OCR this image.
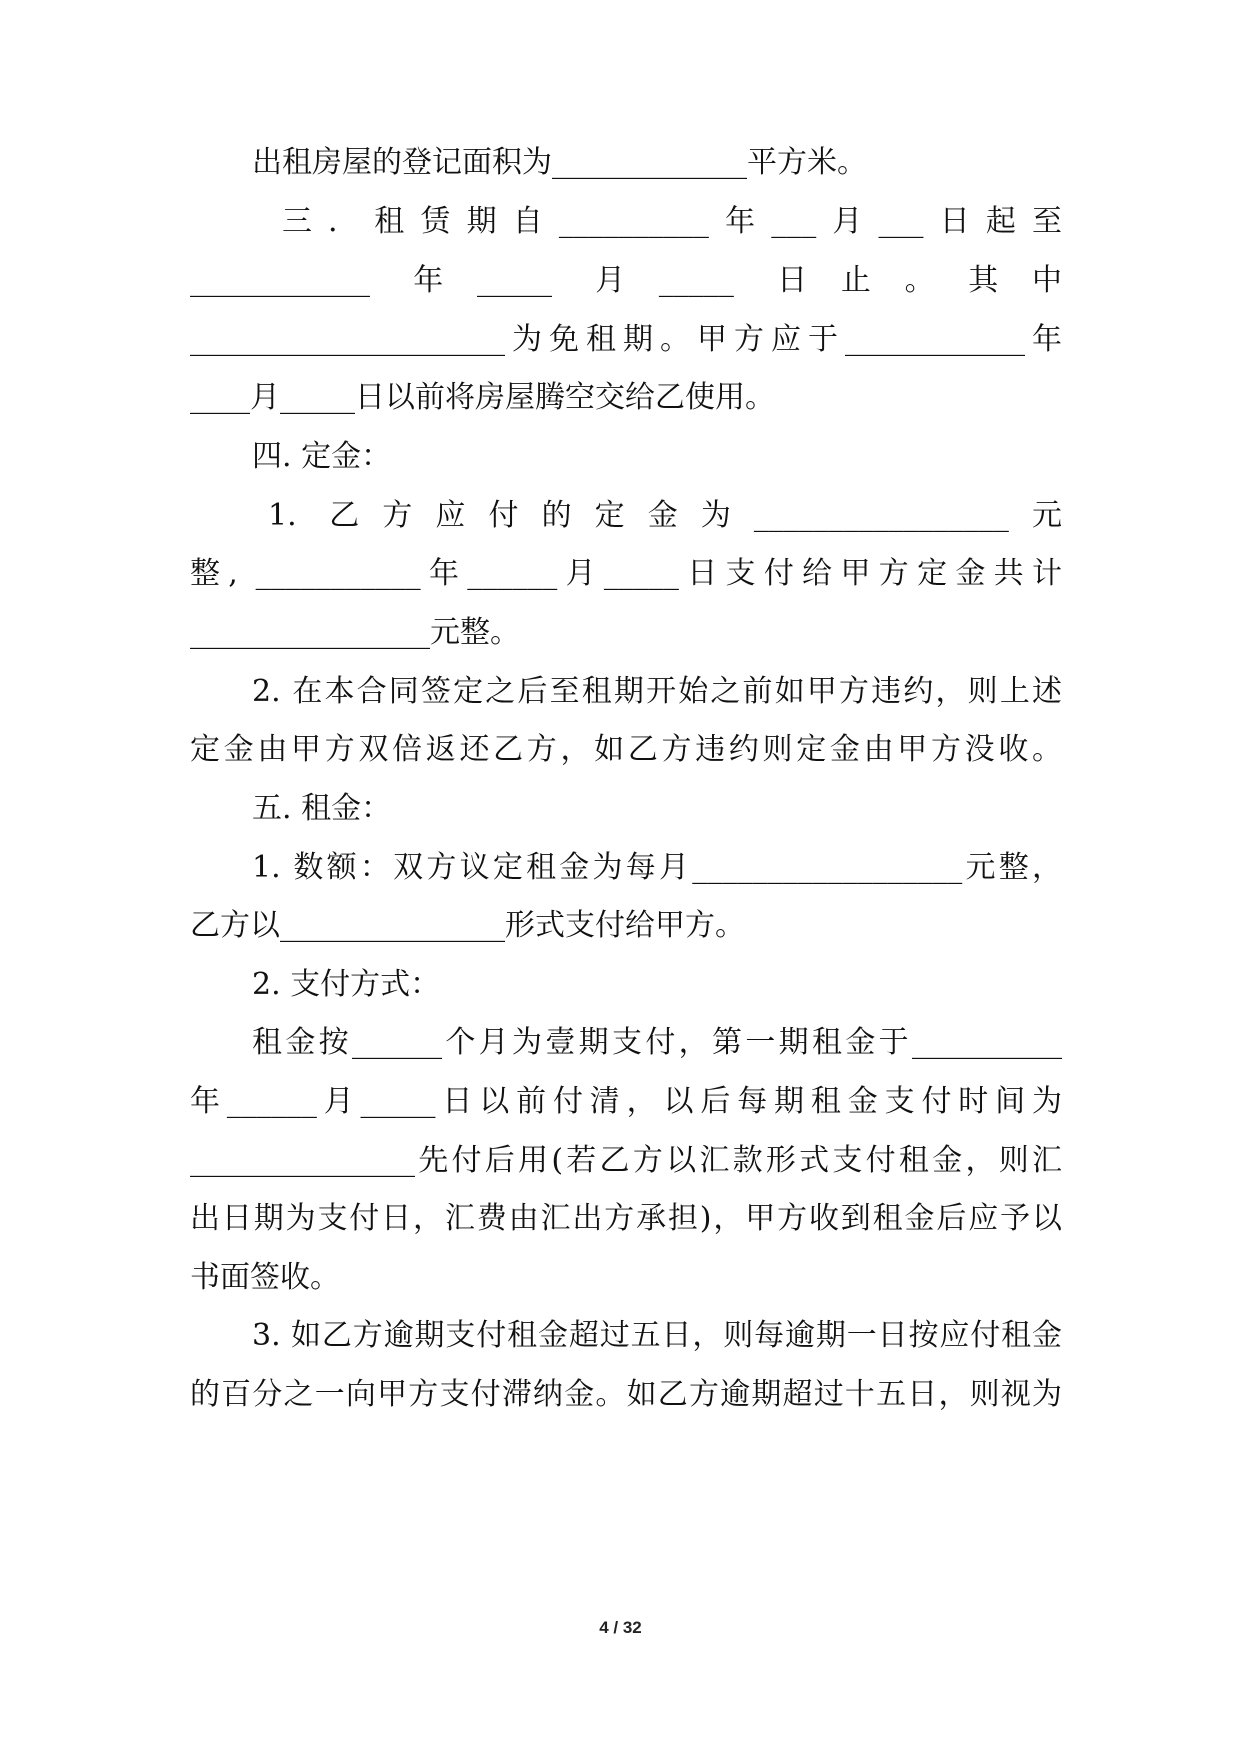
出租房屋的登记面积为_____________平方米。
三．租赁期自__________年___月___日起至
____________ 年_____ 月_____ 日止。其中
_____________________为免租期。甲方应于____________年
____月_____日以前将房屋腾空交给乙使用。
四. 定金：
1. 乙方应付的定金为_________________元
整, ___________年______月_____日支付给甲方定金共计
________________元整。
2. 在本合同签定之后至租期开始之前如甲方违约，则上述
定金由甲方双倍返还乙方，如乙方违约则定金由甲方没收。
五. 租金：
1. 数额：双方议定租金为每月__________________元整，
乙方以_______________形式支付给甲方。
2. 支付方式：
租金按______个月为壹期支付，第一期租金于__________
年______月_____日以前付清，以后每期租金支付时间为
_______________先付后用(若乙方以汇款形式支付租金，则汇
出日期为支付日，汇费由汇出方承担)，甲方收到租金后应予以
书面签收。
3. 如乙方逾期支付租金超过五日，则每逾期一日按应付租金
的百分之一向甲方支付滞纳金。如乙方逾期超过十五日，则视为
4 / 32
